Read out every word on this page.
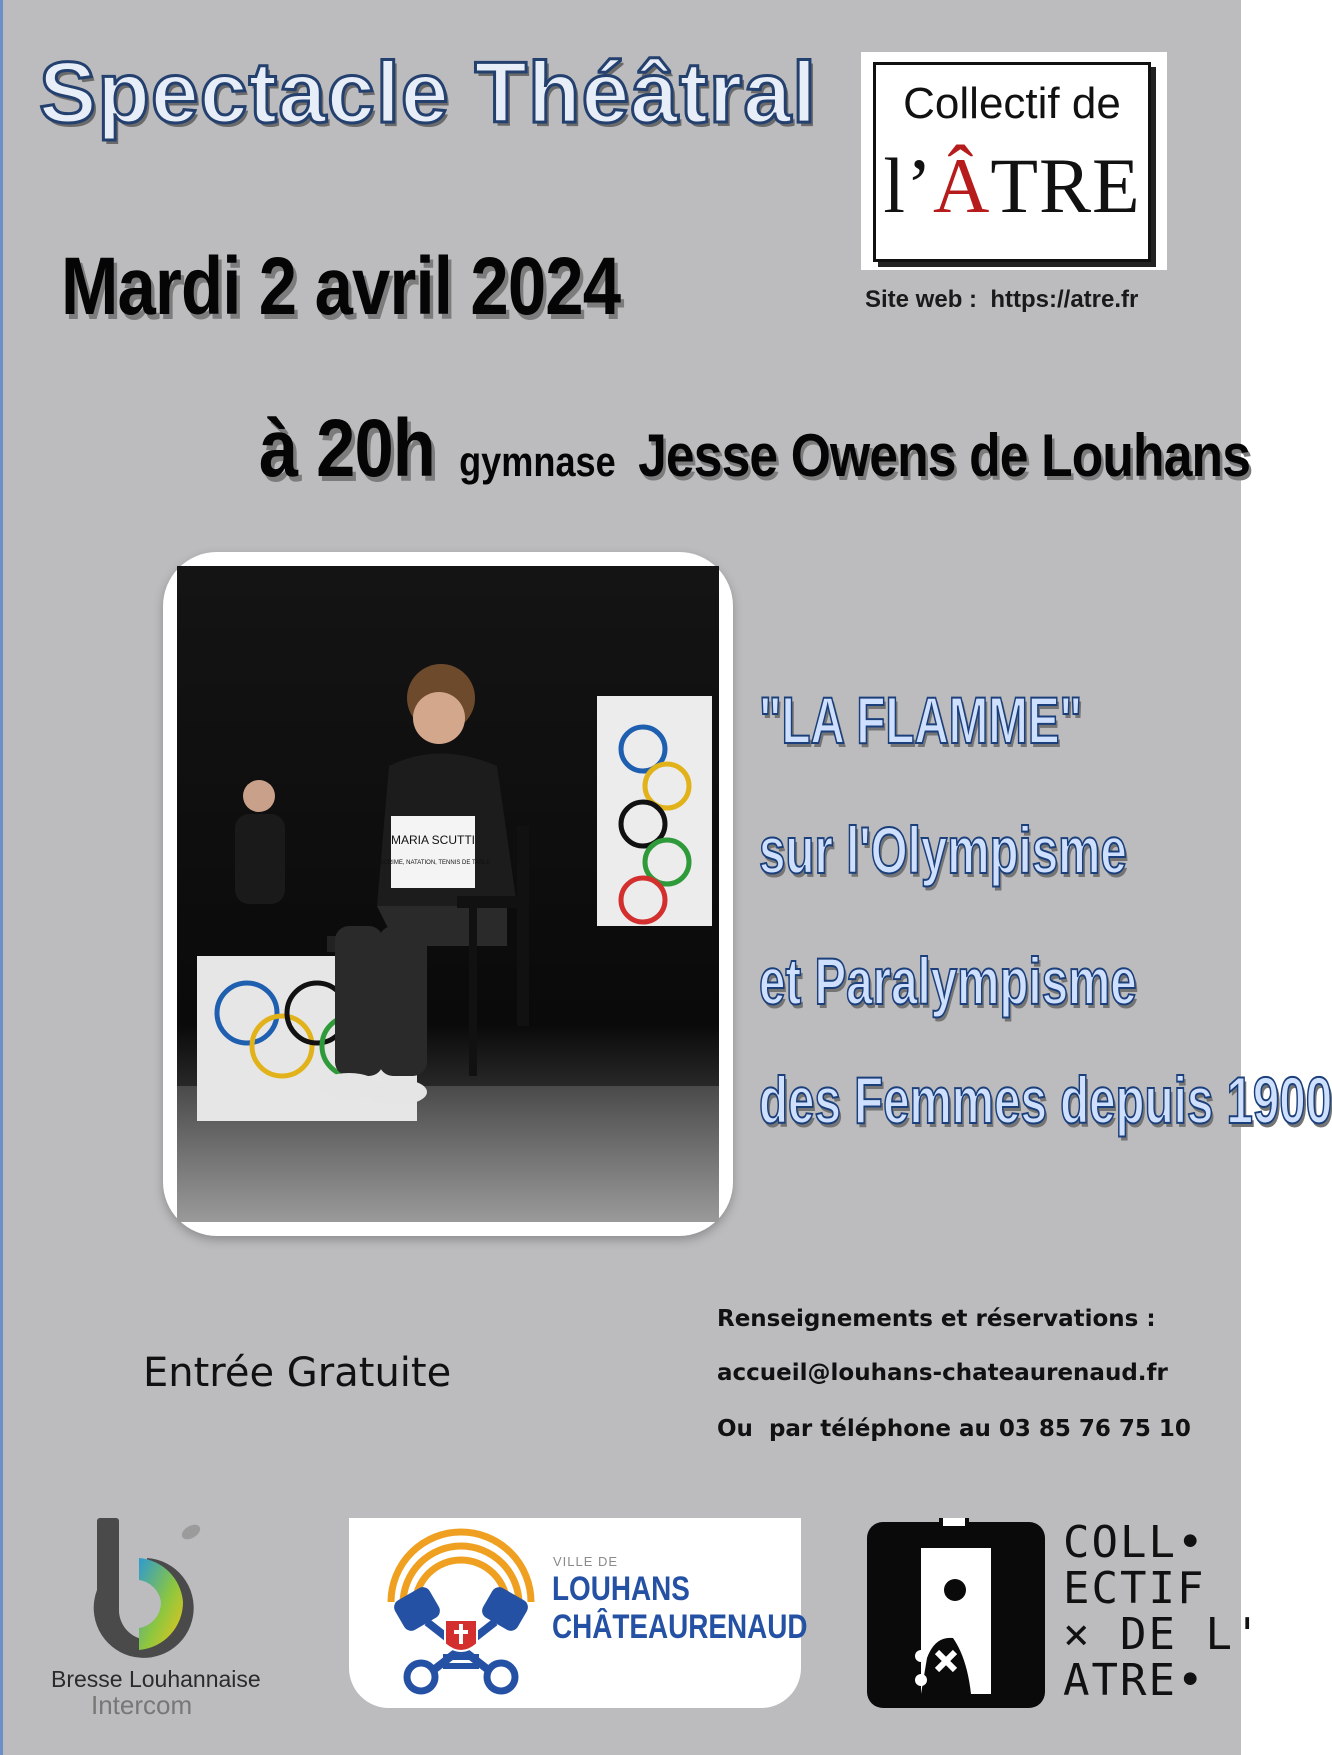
Spectacle Théâtral	Collectif de
l’ÂTRE
Site web :  https://atre.fr
Mardi 2 avril 2024
à 20h gymnase Jesse Owens de Louhans
MARIA SCUTTI
ESCRIME, NATATION, TENNIS DE TABLE
"LA FLAMME"
sur l'Olympisme
et Paralympisme
des Femmes depuis 1900
Entrée Gratuite
Renseignements et réservations :
accueil@louhans-chateaurenaud.fr
Ou  par téléphone au 03 85 76 75 10
Bresse Louhannaise
Intercom
VILLE DE
LOUHANS
CHÂTEAURENAUD
COLL•
ECTIF
× DE L'
ATRE•
